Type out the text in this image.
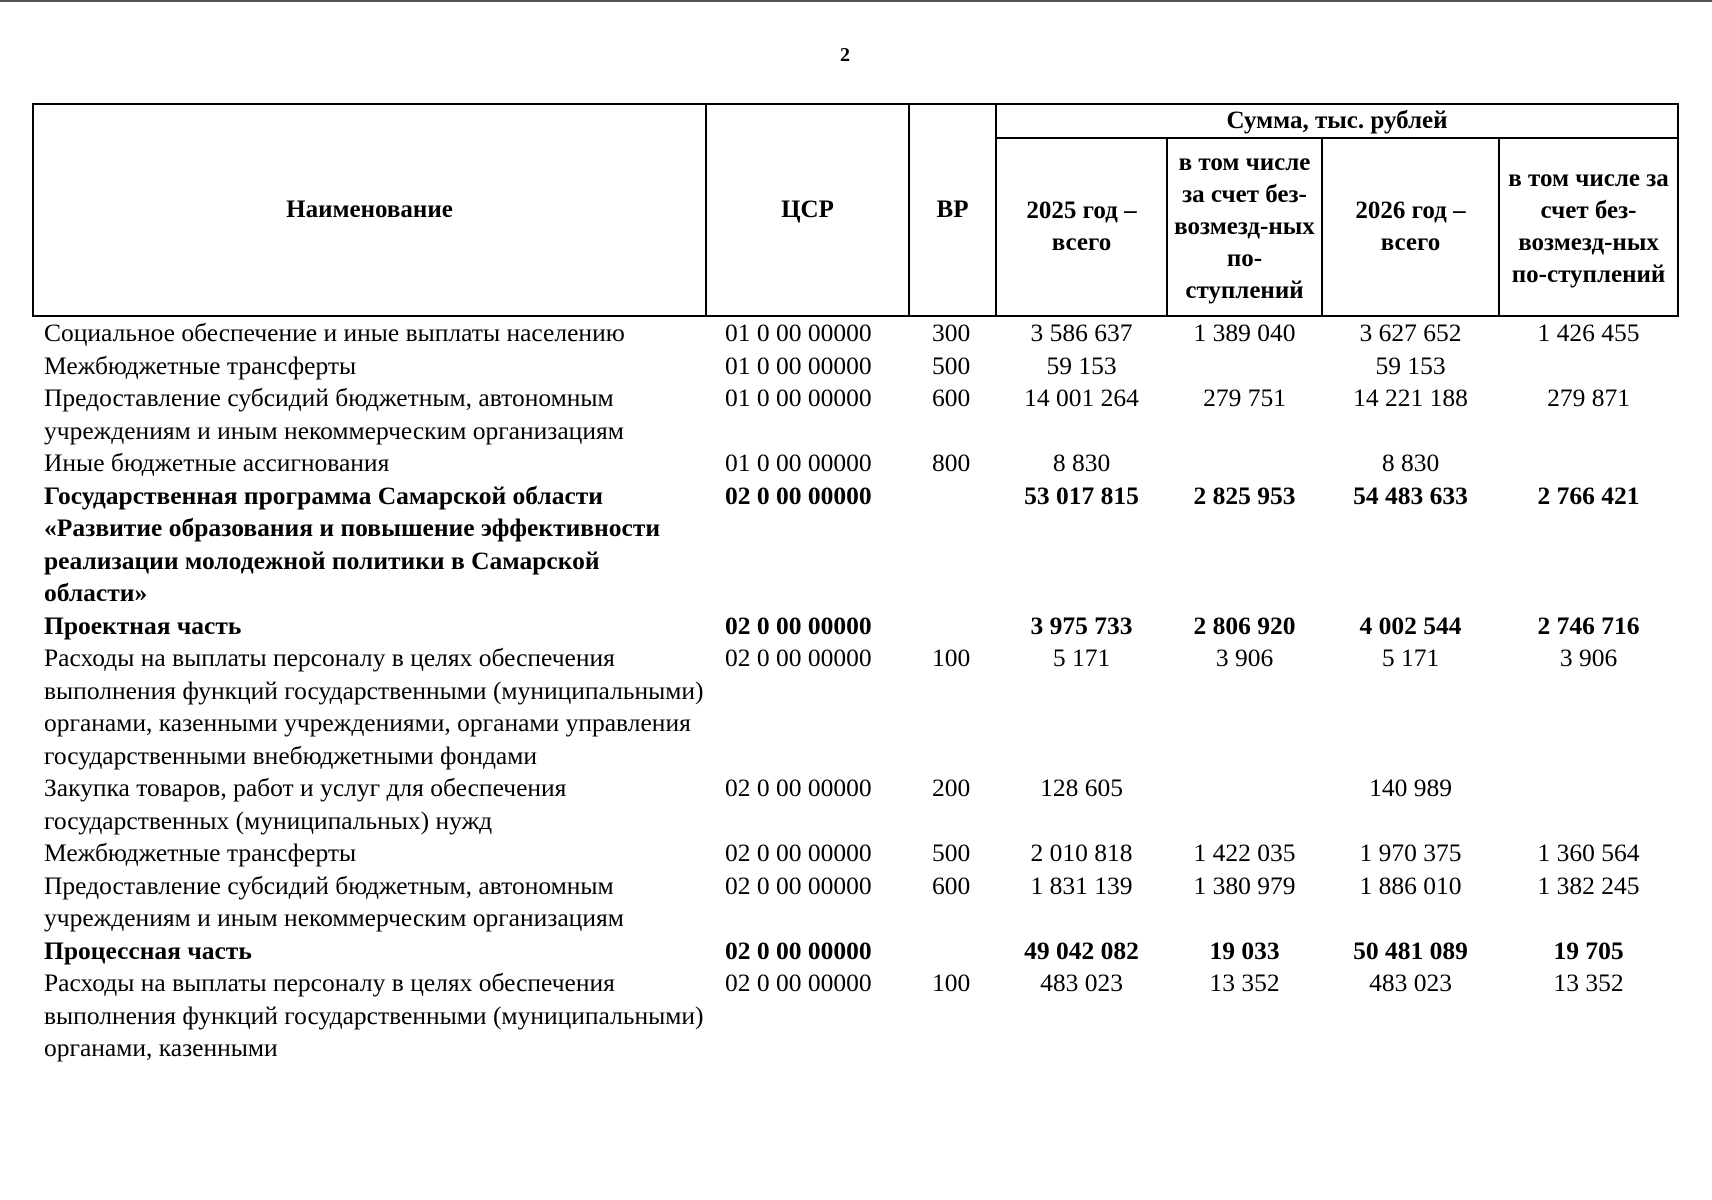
2
Наименование	ЦСР	ВР	Сумма, тыс. рублей			
			2025 год – всего	в том числе за счет без-возмезд-ных по-ступлений	2026 год – всего	в том числе за счет без-возмезд-ных по-ступлений
Социальное обеспечение и иные выплаты населению	01 0 00 00000	300	3 586 637	1 389 040	3 627 652	1 426 455
Межбюджетные трансферты	01 0 00 00000	500	59 153		59 153	
Предоставление субсидий бюджетным, автономным учреждениям и иным некоммерческим организациям	01 0 00 00000	600	14 001 264	279 751	14 221 188	279 871
Иные бюджетные ассигнования	01 0 00 00000	800	8 830		8 830	
Государственная программа Самарской области «Развитие образования и повышение эффективности реализации молодежной политики в Самарской области»	02 0 00 00000		53 017 815	2 825 953	54 483 633	2 766 421
Проектная часть	02 0 00 00000		3 975 733	2 806 920	4 002 544	2 746 716
Расходы на выплаты персоналу в целях обеспечения выполнения функций государственными (муниципальными) органами, казенными учреждениями, органами управления государственными внебюджетными фондами	02 0 00 00000	100	5 171	3 906	5 171	3 906
Закупка товаров, работ и услуг для обеспечения государственных (муниципальных) нужд	02 0 00 00000	200	128 605		140 989	
Межбюджетные трансферты	02 0 00 00000	500	2 010 818	1 422 035	1 970 375	1 360 564
Предоставление субсидий бюджетным, автономным учреждениям и иным некоммерческим организациям	02 0 00 00000	600	1 831 139	1 380 979	1 886 010	1 382 245
Процессная часть	02 0 00 00000		49 042 082	19 033	50 481 089	19 705
Расходы на выплаты персоналу в целях обеспечения выполнения функций государственными (муниципальными) органами, казенными	02 0 00 00000	100	483 023	13 352	483 023	13 352
